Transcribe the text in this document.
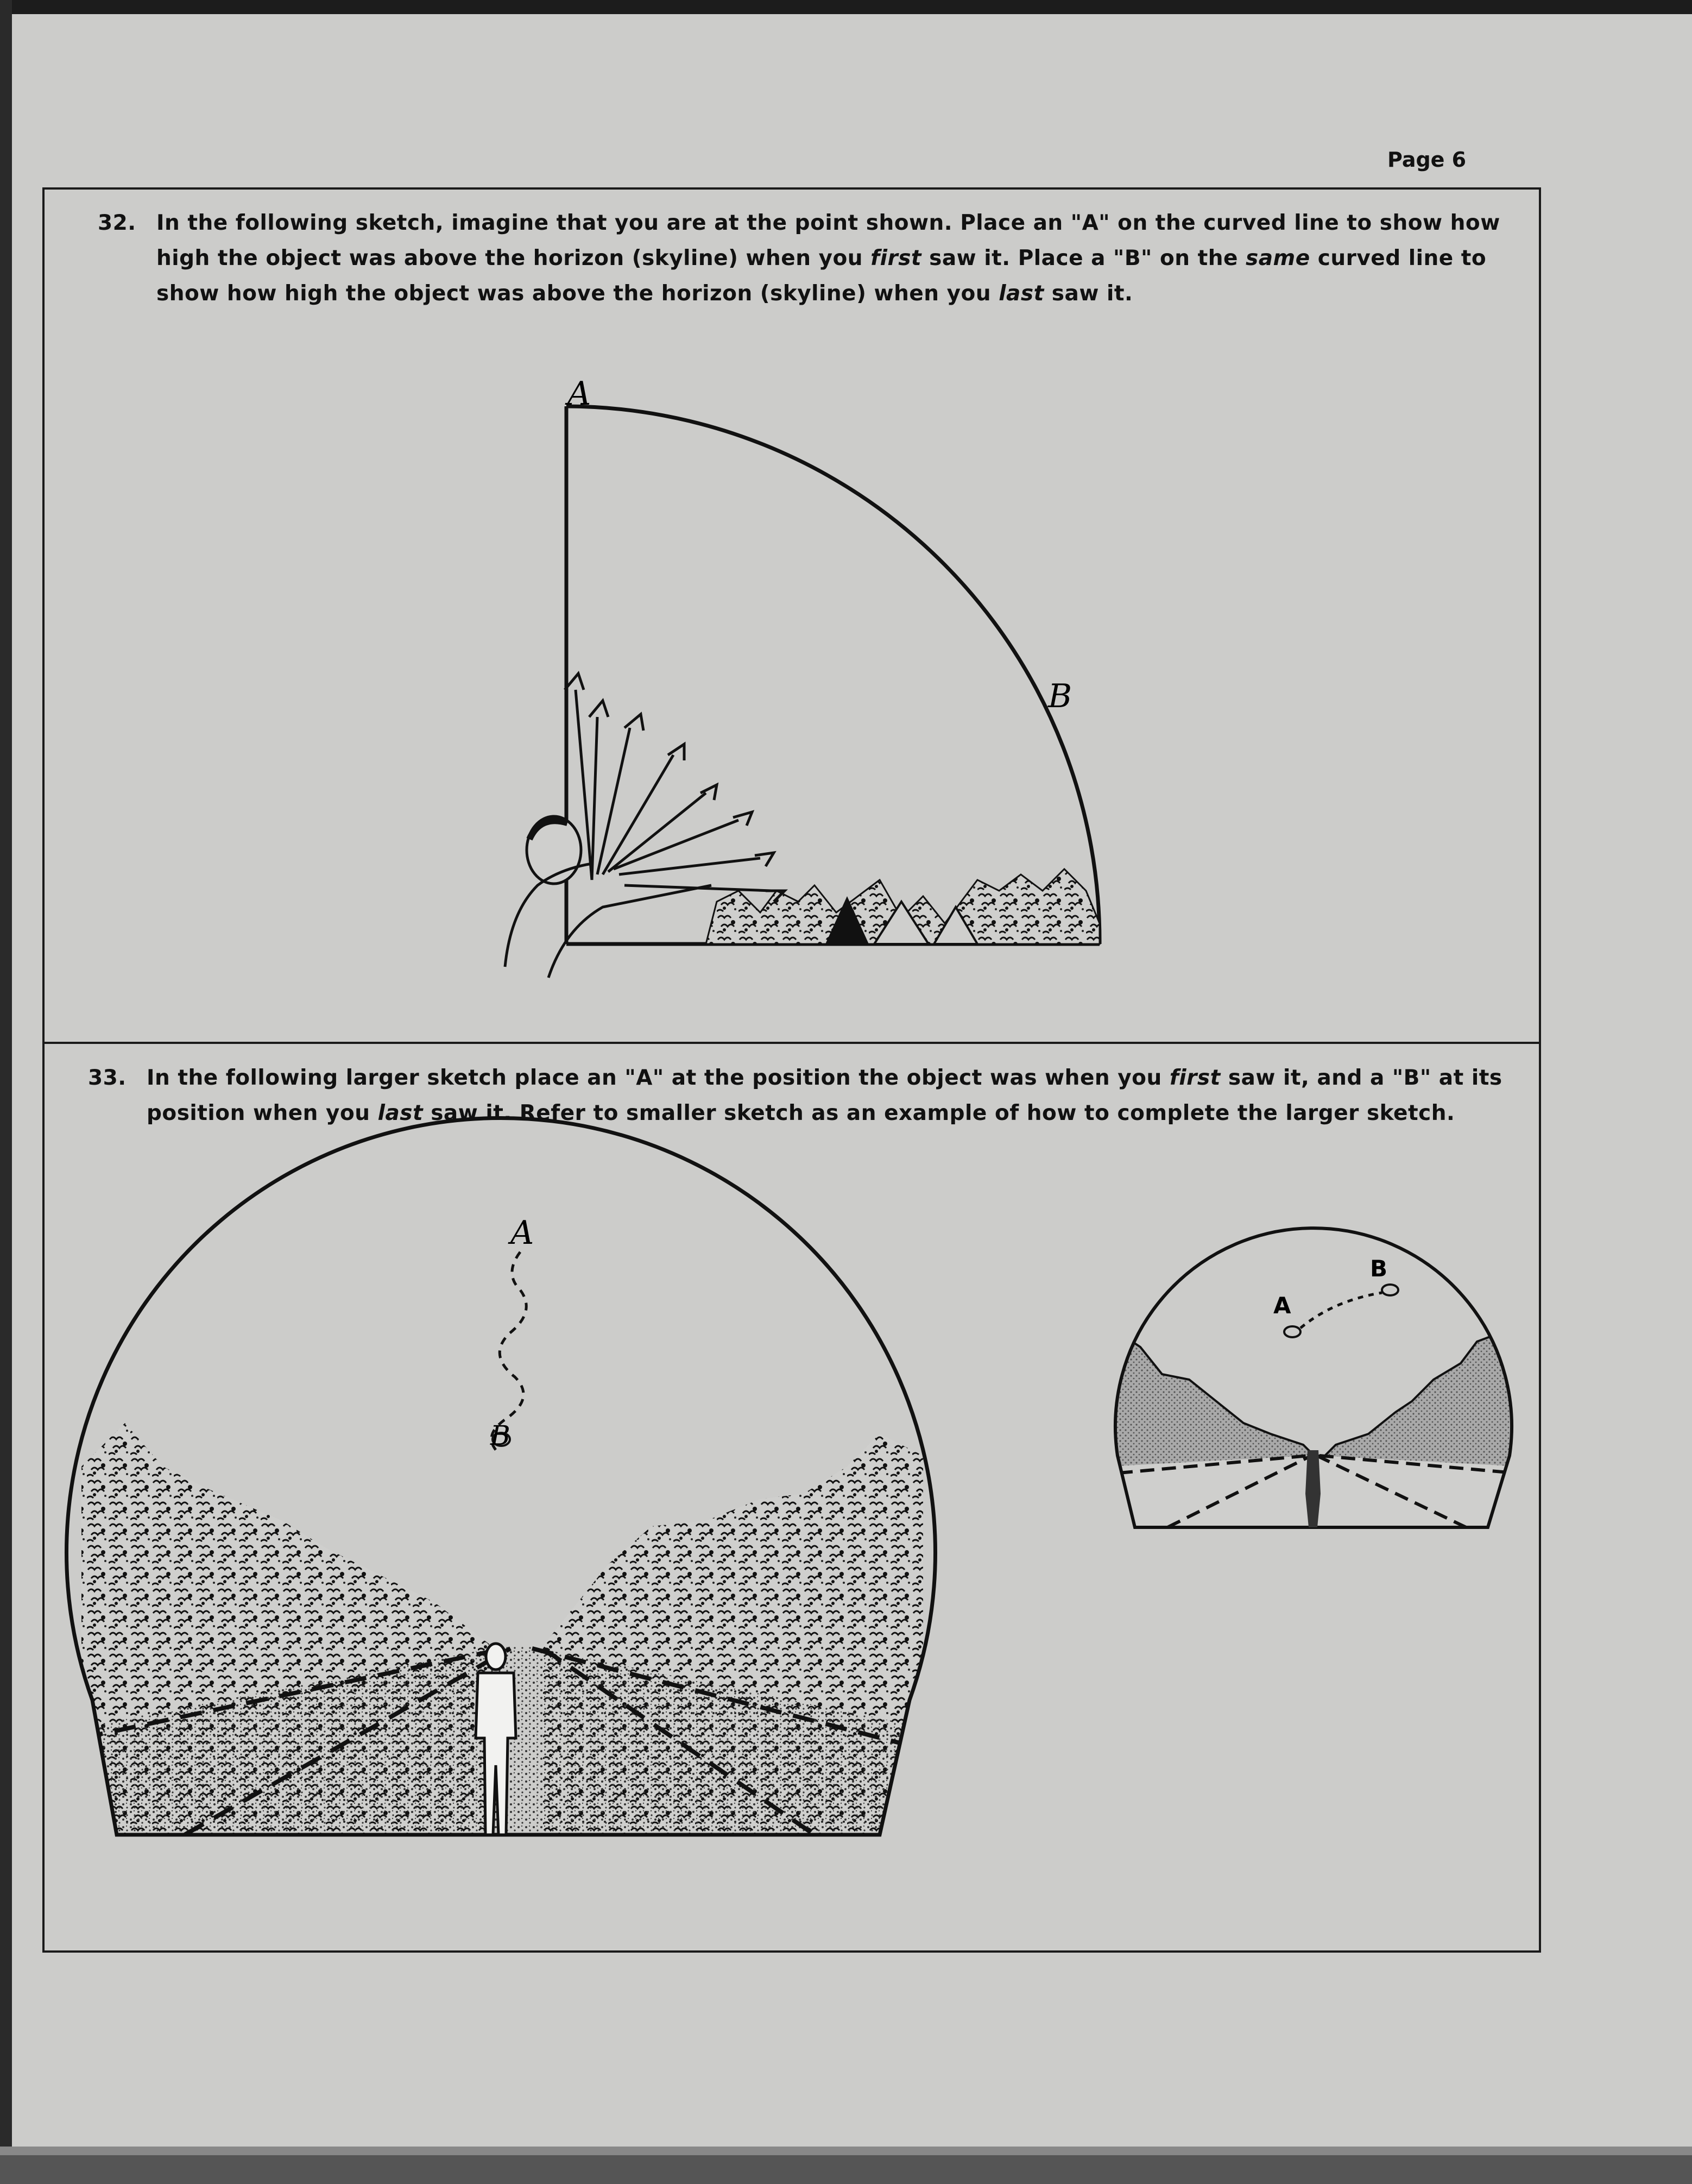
Page 6
32. In the following sketch, imagine that you are at the point shown. Place an "A" on the curved line to show how high the object was above the horizon (skyline) when you first saw it. Place a "B" on the same curved line to show how high the object was above the horizon (skyline) when you last saw it.
33. In the following larger sketch place an "A" at the position the object was when you first saw it, and a "B" at its position when you last saw it. Refer to smaller sketch as an example of how to complete the larger sketch.
A
B
A
B
A
B
